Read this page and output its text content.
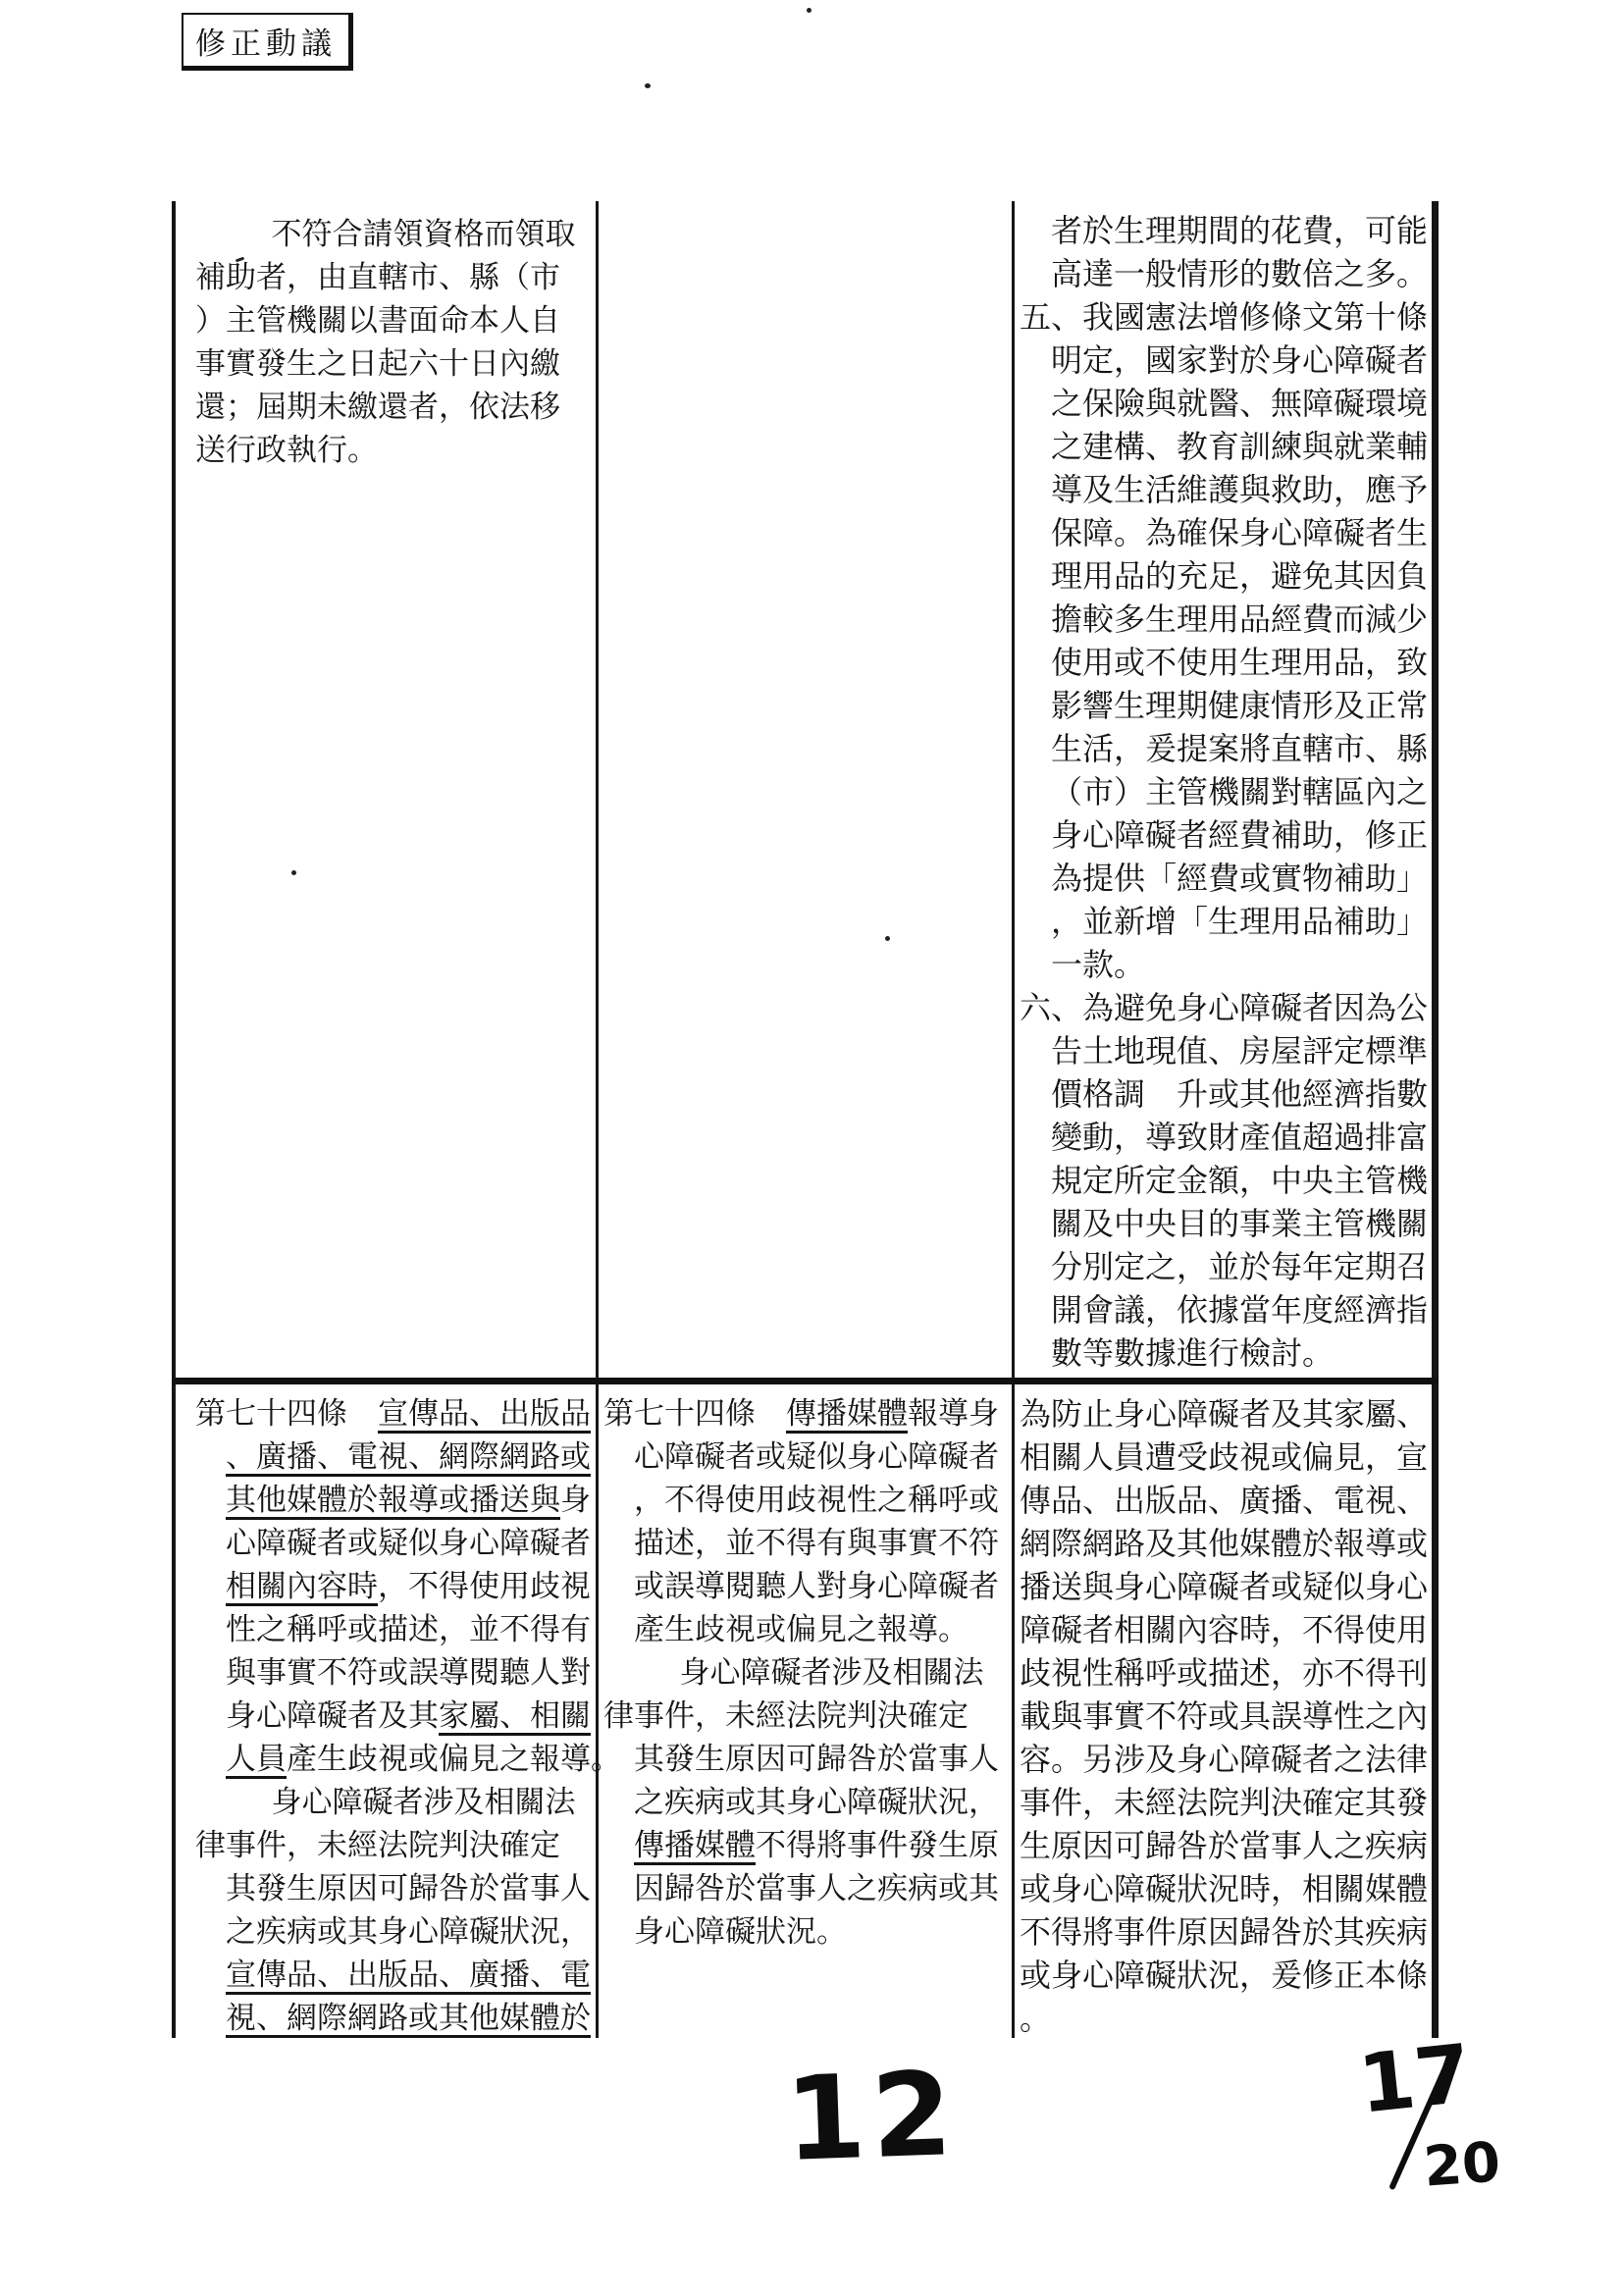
修正動議
不符合請領資格而領取
補助者，由直轄市、縣（市
）主管機關以書面命本人自
事實發生之日起六十日內繳
還；屆期未繳還者，依法移
送行政執行。
者於生理期間的花費，可能
高達一般情形的數倍之多。
五、我國憲法增修條文第十條
明定，國家對於身心障礙者
之保險與就醫、無障礙環境
之建構、教育訓練與就業輔
導及生活維護與救助，應予
保障。為確保身心障礙者生
理用品的充足，避免其因負
擔較多生理用品經費而減少
使用或不使用生理用品，致
影響生理期健康情形及正常
生活，爰提案將直轄市、縣
（市）主管機關對轄區內之
身心障礙者經費補助，修正
為提供「經費或實物補助」
，並新增「生理用品補助」
一款。
六、為避免身心障礙者因為公
告土地現值、房屋評定標準
價格調　升或其他經濟指數
變動，導致財產值超過排富
規定所定金額，中央主管機
關及中央目的事業主管機關
分別定之，並於每年定期召
開會議，依據當年度經濟指
數等數據進行檢討。
第七十四條　 宣傳品、出版品
、廣播、電視、網際網路或
其他媒體於報導或播送與身
心障礙者或疑似身心障礙者
相關內容時，不得使用歧視
性之稱呼或描述，並不得有
與事實不符或誤導閱聽人對
身心障礙者及其家屬、相關
人員產生歧視或偏見之報導。
身心障礙者涉及相關法
律事件，未經法院判決確定
其發生原因可歸咎於當事人
之疾病或其身心障礙狀況，
宣傳品、出版品、廣播、電
視、網際網路或其他媒體於
第七十四條　 傳播媒體報導身
心障礙者或疑似身心障礙者
，不得使用歧視性之稱呼或
描述，並不得有與事實不符
或誤導閱聽人對身心障礙者
產生歧視或偏見之報導。
身心障礙者涉及相關法
律事件，未經法院判決確定
其發生原因可歸咎於當事人
之疾病或其身心障礙狀況，
傳播媒體不得將事件發生原
因歸咎於當事人之疾病或其
身心障礙狀況。
為防止身心障礙者及其家屬、
相關人員遭受歧視或偏見，宣
傳品、出版品、廣播、電視、
網際網路及其他媒體於報導或
播送與身心障礙者或疑似身心
障礙者相關內容時，不得使用
歧視性稱呼或描述，亦不得刊
載與事實不符或具誤導性之內
容。另涉及身心障礙者之法律
事件，未經法院判決確定其發
生原因可歸咎於當事人之疾病
或身心障礙狀況時，相關媒體
不得將事件原因歸咎於其疾病
或身心障礙狀況，爰修正本條
。
12	17
20
